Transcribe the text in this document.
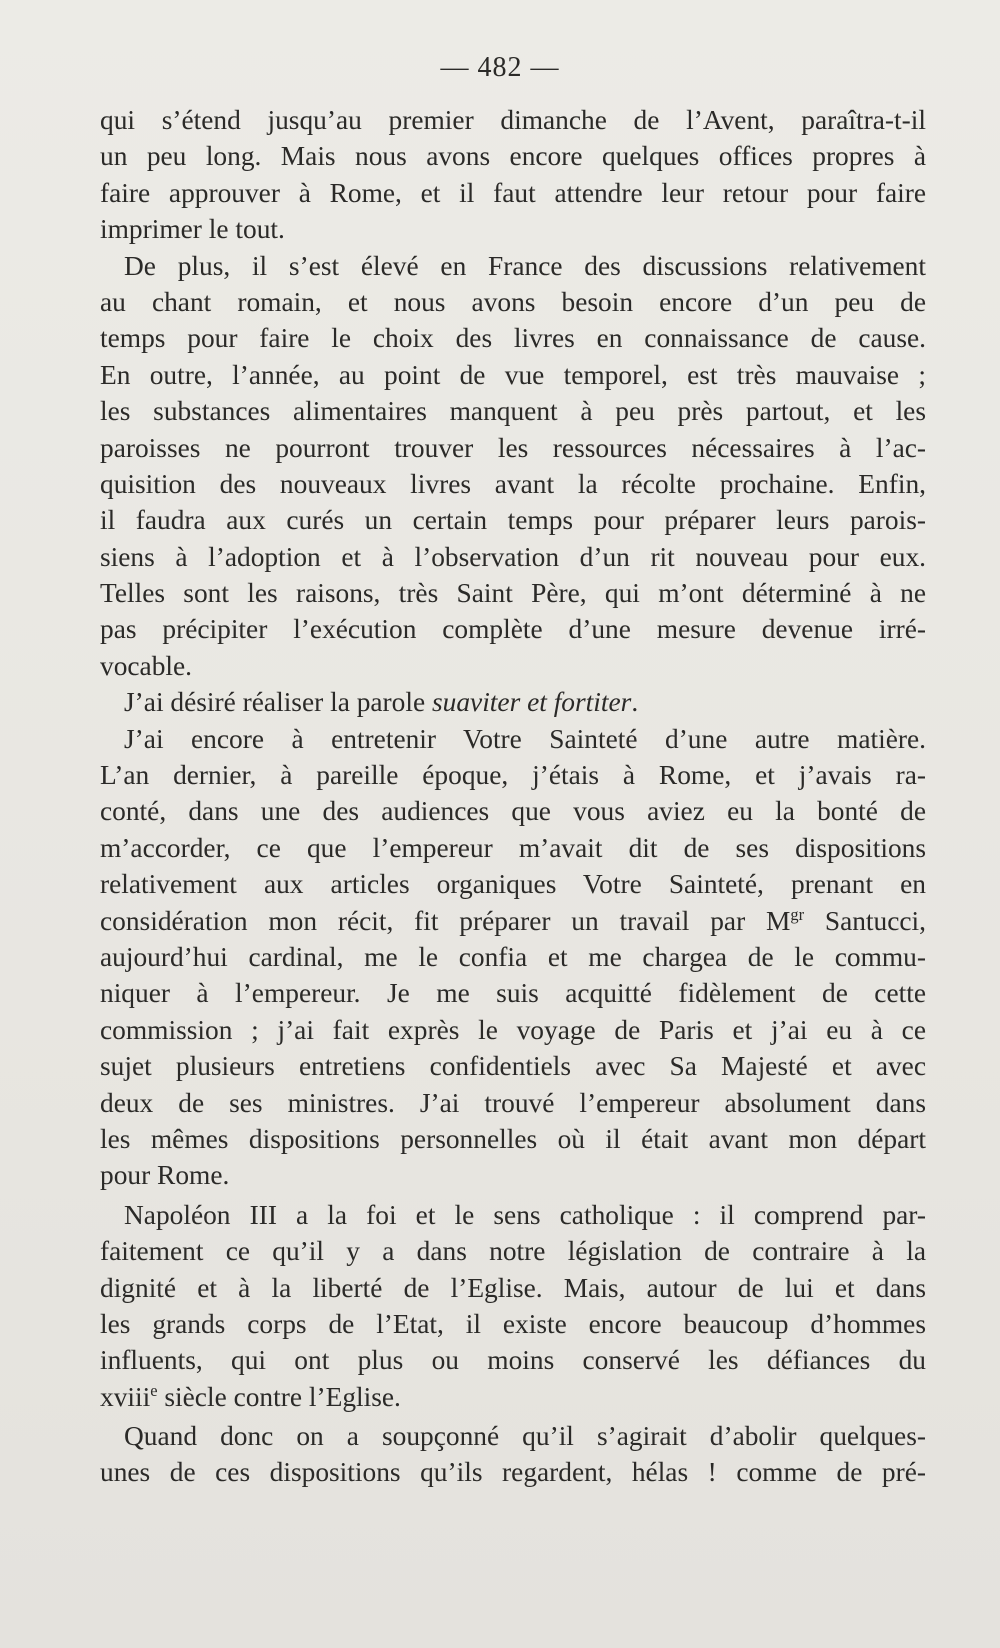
— 482 —
qui s’étend jusqu’au premier dimanche de l’Avent, paraîtra-t-il
un peu long. Mais nous avons encore quelques offices propres à
faire approuver à Rome, et il faut attendre leur retour pour faire
imprimer le tout.
De plus, il s’est élevé en France des discussions relativement
au chant romain, et nous avons besoin encore d’un peu de
temps pour faire le choix des livres en connaissance de cause.
En outre, l’année, au point de vue temporel, est très mauvaise ;
les substances alimentaires manquent à peu près partout, et les
paroisses ne pourront trouver les ressources nécessaires à l’ac-
quisition des nouveaux livres avant la récolte prochaine. Enfin,
il faudra aux curés un certain temps pour préparer leurs parois-
siens à l’adoption et à l’observation d’un rit nouveau pour eux.
Telles sont les raisons, très Saint Père, qui m’ont déterminé à ne
pas précipiter l’exécution complète d’une mesure devenue irré-
vocable.
J’ai désiré réaliser la parole suaviter et fortiter.
J’ai encore à entretenir Votre Sainteté d’une autre matière.
L’an dernier, à pareille époque, j’étais à Rome, et j’avais ra-
conté, dans une des audiences que vous aviez eu la bonté de
m’accorder, ce que l’empereur m’avait dit de ses dispositions
relativement aux articles organiques Votre Sainteté, prenant en
considération mon récit, fit préparer un travail par $M^{gr}$ Santucci,
aujourd’hui cardinal, me le confia et me chargea de le commu-
niquer à l’empereur. Je me suis acquitté fidèlement de cette
commission ; j’ai fait exprès le voyage de Paris et j’ai eu à ce
sujet plusieurs entretiens confidentiels avec Sa Majesté et avec
deux de ses ministres. J’ai trouvé l’empereur absolument dans
les mêmes dispositions personnelles où il était avant mon départ
pour Rome.
Napoléon III a la foi et le sens catholique : il comprend par-
faitement ce qu’il y a dans notre législation de contraire à la
dignité et à la liberté de l’Eglise. Mais, autour de lui et dans
les grands corps de l’Etat, il existe encore beaucoup d’hommes
influents, qui ont plus ou moins conservé les défiances du
xviii$^e$ siècle contre l’Eglise.
Quand donc on a soupçonné qu’il s’agirait d’abolir quelques-
unes de ces dispositions qu’ils regardent, hélas ! comme de pré-
